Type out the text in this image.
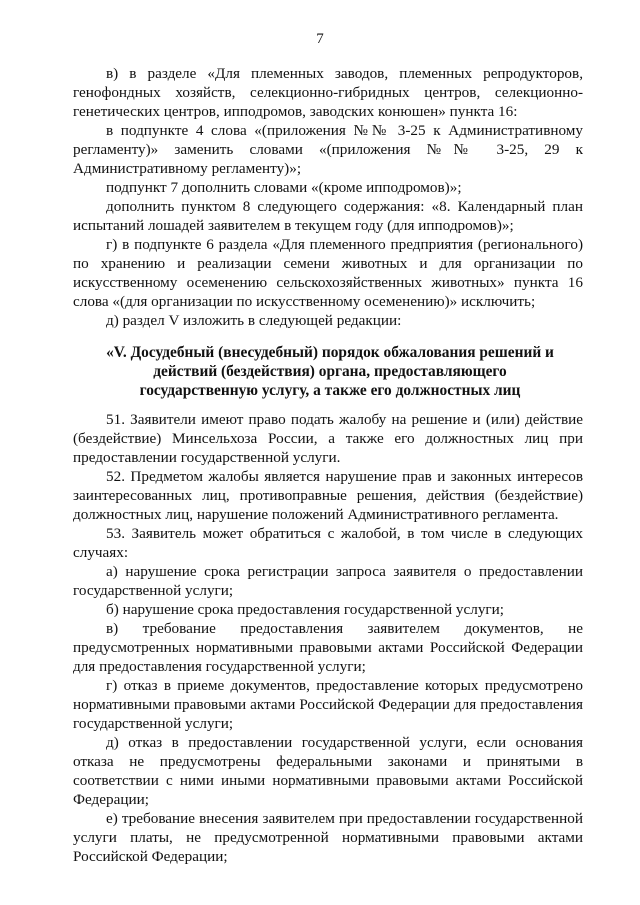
7
в) в разделе «Для племенных заводов, племенных репродукторов, генофондных хозяйств, селекционно-гибридных центров, селекционно-генетических центров, ипподромов, заводских конюшен» пункта 16:
в подпункте 4 слова «(приложения №№ 3-25 к Административному регламенту)» заменить словами «(приложения №№ 3-25, 29 к Административному регламенту)»;
подпункт 7 дополнить словами «(кроме ипподромов)»;
дополнить пунктом 8 следующего содержания: «8. Календарный план испытаний лошадей заявителем в текущем году (для ипподромов)»;
г) в подпункте 6 раздела «Для племенного предприятия (регионального) по хранению и реализации семени животных и для организации по искусственному осеменению сельскохозяйственных животных» пункта 16 слова «(для организации по искусственному осеменению)» исключить;
д) раздел V изложить в следующей редакции:
«V. Досудебный (внесудебный) порядок обжалования решений и действий (бездействия) органа, предоставляющего государственную услугу, а также его должностных лиц
51. Заявители имеют право подать жалобу на решение и (или) действие (бездействие) Минсельхоза России, а также его должностных лиц при предоставлении государственной услуги.
52. Предметом жалобы является нарушение прав и законных интересов заинтересованных лиц, противоправные решения, действия (бездействие) должностных лиц, нарушение положений Административного регламента.
53. Заявитель может обратиться с жалобой, в том числе в следующих случаях:
а) нарушение срока регистрации запроса заявителя о предоставлении государственной услуги;
б) нарушение срока предоставления государственной услуги;
в) требование предоставления заявителем документов, не предусмотренных нормативными правовыми актами Российской Федерации для предоставления государственной услуги;
г) отказ в приеме документов, предоставление которых предусмотрено нормативными правовыми актами Российской Федерации для предоставления государственной услуги;
д) отказ в предоставлении государственной услуги, если основания отказа не предусмотрены федеральными законами и принятыми в соответствии с ними иными нормативными правовыми актами Российской Федерации;
е) требование внесения заявителем при предоставлении государственной услуги платы, не предусмотренной нормативными правовыми актами Российской Федерации;
